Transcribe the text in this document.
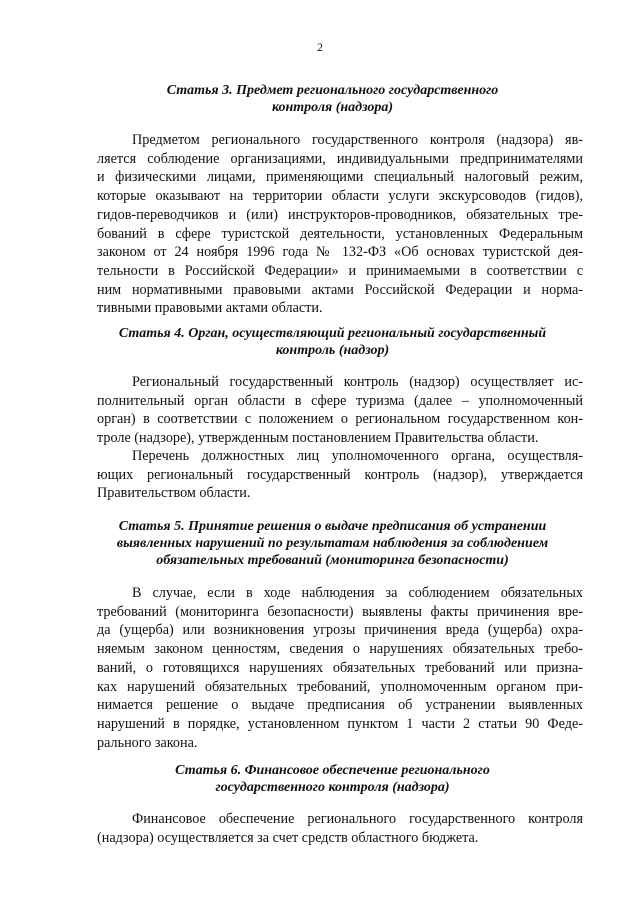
2
Статья 3. Предмет регионального государственного
контроля (надзора)
Предметом регионального государственного контроля (надзора) яв-
ляется соблюдение организациями, индивидуальными предпринимателями
и физическими лицами, применяющими специальный налоговый режим,
которые оказывают на территории области услуги экскурсоводов (гидов),
гидов-переводчиков и (или) инструкторов-проводников, обязательных тре-
бований в сфере туристской деятельности, установленных Федеральным
законом от 24 ноября 1996 года № 132-ФЗ «Об основах туристской дея-
тельности в Российской Федерации» и принимаемыми в соответствии с
ним нормативными правовыми актами Российской Федерации и норма-
тивными правовыми актами области.
Статья 4. Орган, осуществляющий региональный государственный
контроль (надзор)
Региональный государственный контроль (надзор) осуществляет ис-
полнительный орган области в сфере туризма (далее – уполномоченный
орган) в соответствии с положением о региональном государственном кон-
троле (надзоре), утвержденным постановлением Правительства области.
Перечень должностных лиц уполномоченного органа, осуществля-
ющих региональный государственный контроль (надзор), утверждается
Правительством области.
Статья 5. Принятие решения о выдаче предписания об устранении
выявленных нарушений по результатам наблюдения за соблюдением
обязательных требований (мониторинга безопасности)
В случае, если в ходе наблюдения за соблюдением обязательных
требований (мониторинга безопасности) выявлены факты причинения вре-
да (ущерба) или возникновения угрозы причинения вреда (ущерба) охра-
няемым законом ценностям, сведения о нарушениях обязательных требо-
ваний, о готовящихся нарушениях обязательных требований или призна-
ках нарушений обязательных требований, уполномоченным органом при-
нимается решение о выдаче предписания об устранении выявленных
нарушений в порядке, установленном пунктом 1 части 2 статьи 90 Феде-
рального закона.
Статья 6. Финансовое обеспечение регионального
государственного контроля (надзора)
Финансовое обеспечение регионального государственного контроля
(надзора) осуществляется за счет средств областного бюджета.
